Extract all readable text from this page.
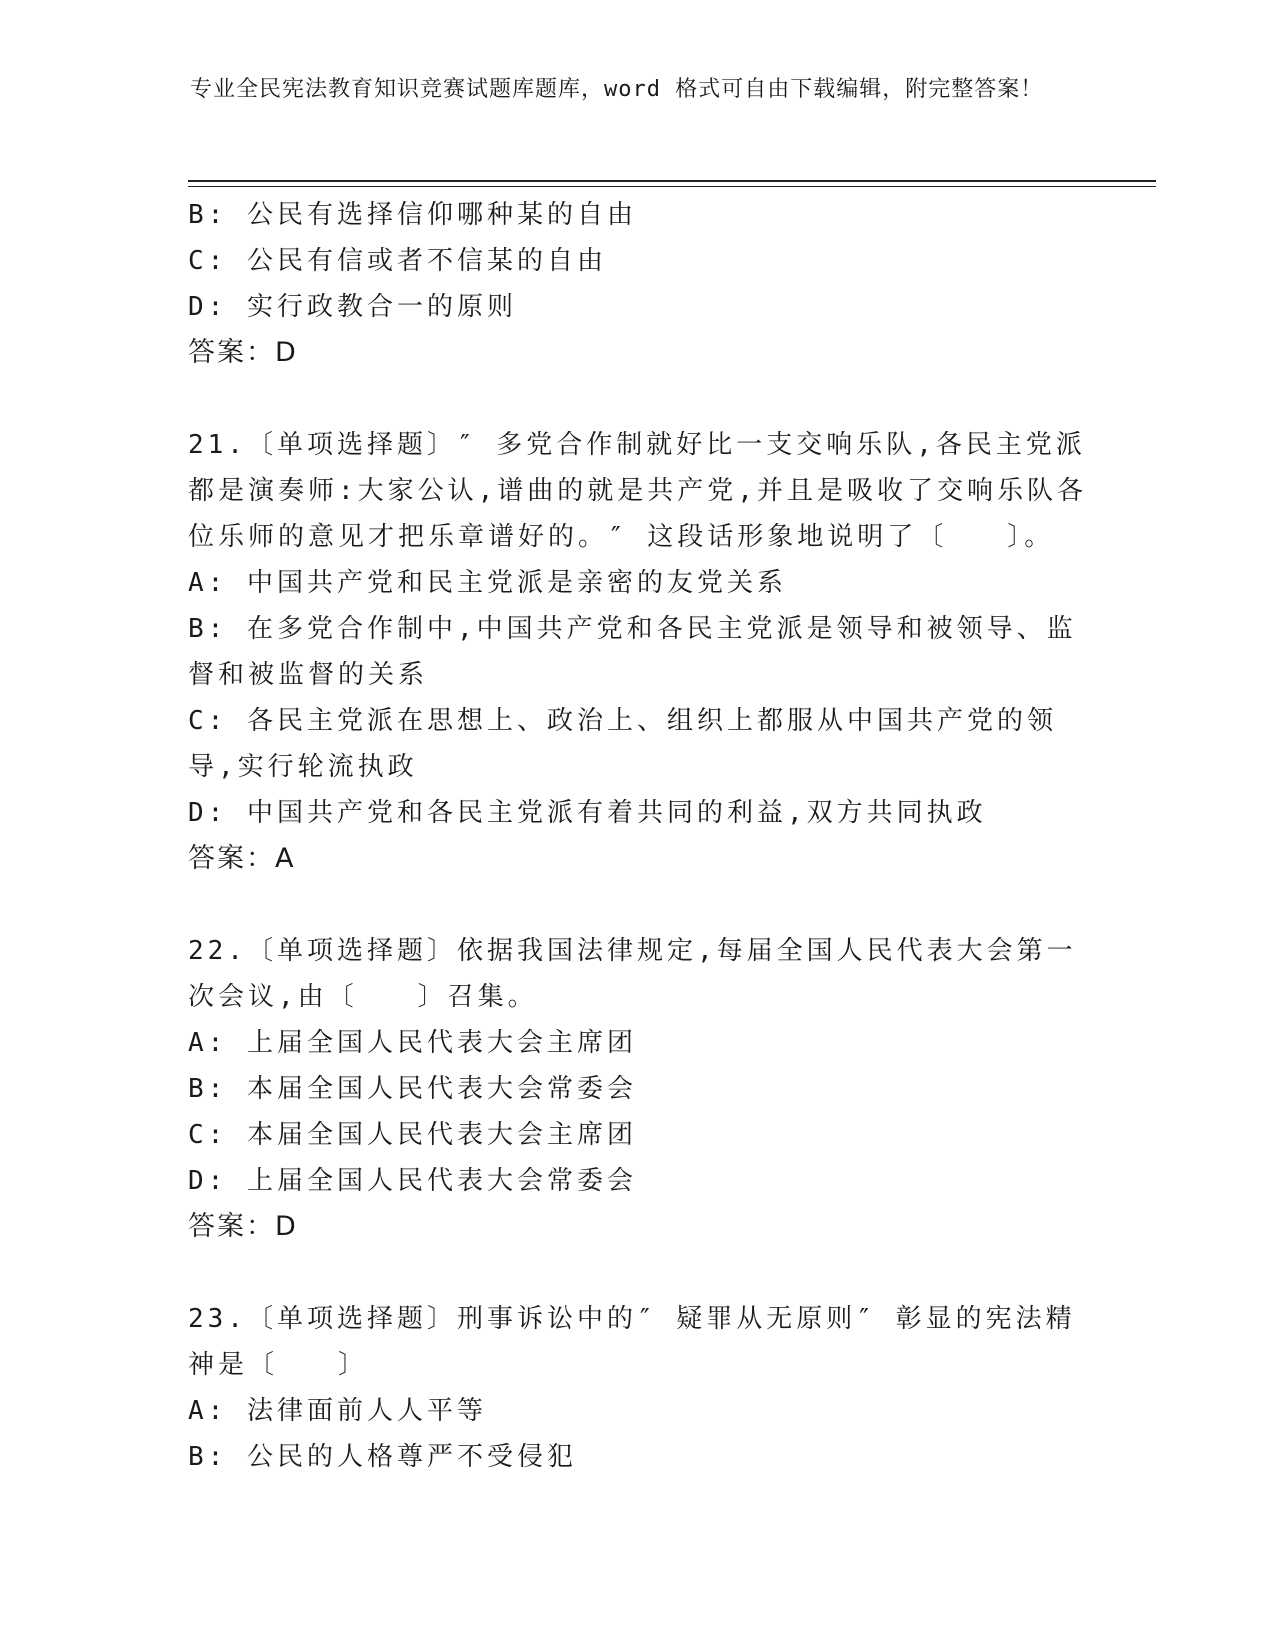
专业全民宪法教育知识竞赛试题库题库，word 格式可自由下载编辑，附完整答案！
B: 公民有选择信仰哪种某的自由
C: 公民有信或者不信某的自由
D: 实行政教合一的原则
答案：D
21.〔单项选择题〕″ 多党合作制就好比一支交响乐队,各民主党派都是演奏师:大家公认,谱曲的就是共产党,并且是吸收了交响乐队各位乐师的意见才把乐章谱好的。″ 这段话形象地说明了〔　　〕。
A: 中国共产党和民主党派是亲密的友党关系
B: 在多党合作制中,中国共产党和各民主党派是领导和被领导、监督和被监督的关系
C: 各民主党派在思想上、政治上、组织上都服从中国共产党的领导,实行轮流执政
D: 中国共产党和各民主党派有着共同的利益,双方共同执政
答案：A
22.〔单项选择题〕依据我国法律规定,每届全国人民代表大会第一次会议,由〔　　〕召集。
A: 上届全国人民代表大会主席团
B: 本届全国人民代表大会常委会
C: 本届全国人民代表大会主席团
D: 上届全国人民代表大会常委会
答案：D
23.〔单项选择题〕刑事诉讼中的″ 疑罪从无原则″ 彰显的宪法精神是〔　　〕
A: 法律面前人人平等
B: 公民的人格尊严不受侵犯
